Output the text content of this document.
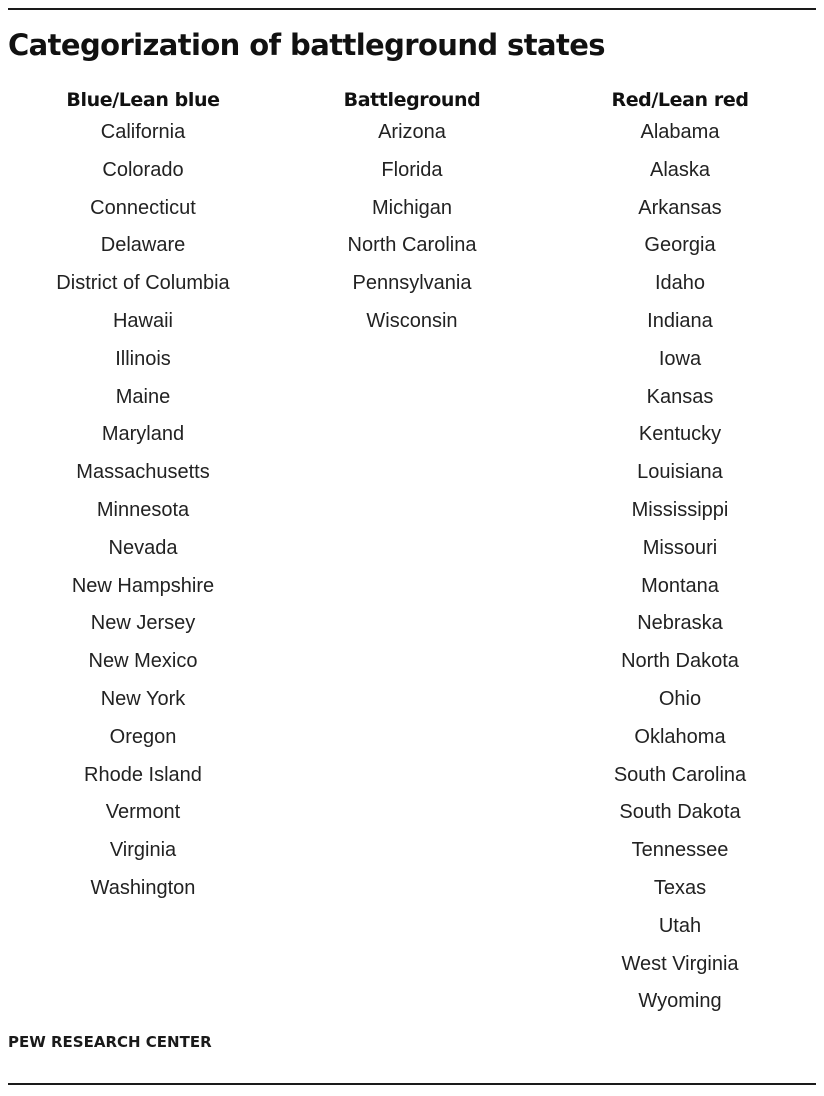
Categorization of battleground states
Blue/Lean blue
California
Colorado
Connecticut
Delaware
District of Columbia
Hawaii
Illinois
Maine
Maryland
Massachusetts
Minnesota
Nevada
New Hampshire
New Jersey
New Mexico
New York
Oregon
Rhode Island
Vermont
Virginia
Washington
Battleground
Arizona
Florida
Michigan
North Carolina
Pennsylvania
Wisconsin
Red/Lean red
Alabama
Alaska
Arkansas
Georgia
Idaho
Indiana
Iowa
Kansas
Kentucky
Louisiana
Mississippi
Missouri
Montana
Nebraska
North Dakota
Ohio
Oklahoma
South Carolina
South Dakota
Tennessee
Texas
Utah
West Virginia
Wyoming
PEW RESEARCH CENTER
